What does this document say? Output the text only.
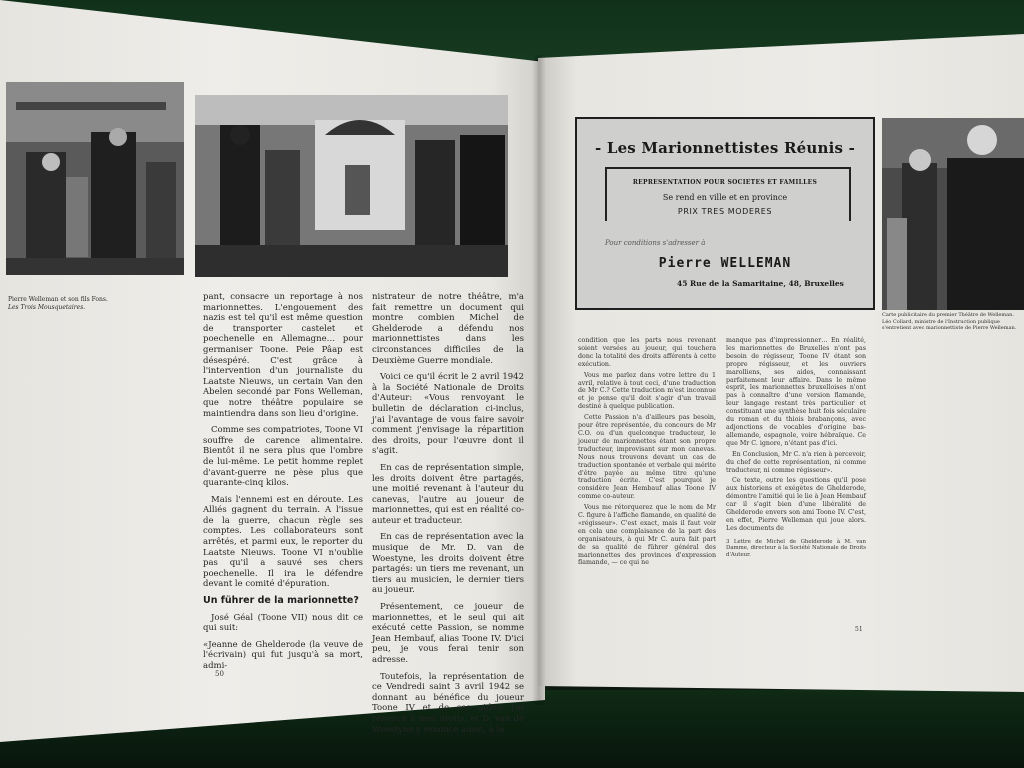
Pierre Welleman et son fils Fons.
Les Trois Mousquetaires.

pant, consacre un reportage à nos marionnettes. L'engouement des nazis est tel qu'il est même question de transporter castelet et poechenelle en Allemagne… pour germaniser Toone. Peie Pâap est désespéré. C'est grâce à l'intervention d'un journaliste du Laatste Nieuws, un certain Van den Abelen secondé par Fons Welleman, que notre théâtre populaire se maintiendra dans son lieu d'origine.

Comme ses compatriotes, Toone VI souffre de carence alimentaire. Bientôt il ne sera plus que l'ombre de lui-même. Le petit homme replet d'avant-guerre ne pèse plus que quarante-cinq kilos.

Mais l'ennemi est en déroute. Les Alliés gagnent du terrain. A l'issue de la guerre, chacun règle ses comptes. Les collaborateurs sont arrêtés, et parmi eux, le reporter du Laatste Nieuws. Toone VI n'oublie pas qu'il a sauvé ses chers poechenelle. Il ira le défendre devant le comité d'épuration.

Un führer de la marionnette?

José Géal (Toone VII) nous dit ce qui suit:

«Jeanne de Ghelderode (la veuve de l'écrivain) qui fut jusqu'à sa mort, admi-

nistrateur de notre théâtre, m'a fait remettre un document qui montre combien Michel de Ghelderode a défendu nos marionnettistes dans les circonstances difficiles de la Deuxième Guerre mondiale.

Voici ce qu'il écrit le 2 avril 1942 à la Société Nationale de Droits d'Auteur: «Vous renvoyant le bulletin de déclaration ci-inclus, j'ai l'avantage de vous faire savoir comment j'envisage la répartition des droits, pour l'œuvre dont il s'agit.

En cas de représentation simple, les droits doivent être partagés, une moitié revenant à l'auteur du canevas, l'autre au joueur de marionnettes, qui est en réalité co-auteur et traducteur.

En cas de représentation avec la musique de Mr. D. van de Woestyne, les droits doivent être partagés: un tiers me revenant, un tiers au musicien, le dernier tiers au joueur.

Présentement, ce joueur de marionnettes, et le seul qui ait exécuté cette Passion, se nomme Jean Hembauf, alias Toone IV. D'ici peu, je vous ferai tenir son adresse.

Toutefois, la représentation de ce Vendredi saint 3 avril 1942 se donnant au bénéfice du joueur Toone IV et de ses aides, j'ai renoncé à mes droits, et D. van de Woestyne y renonce aussi, à la

50
- Les Marionnettistes Réunis -
REPRESENTATION POUR SOCIETES ET FAMILLES
Se rend en ville et en province
PRIX TRES MODERES
Pour conditions s'adresser à
Pierre WELLEMAN
45 Rue de la Samaritaine, 48, Bruxelles
Carte publicitaire du premier Théâtre de Welleman. Léo Collard, ministre de l'Instruction publique s'entretient avec marionnettiste de Pierre Welleman.

condition que les parts nous revenant soient versées au joueur, qui touchera donc la totalité des droits afférents à cette exécution.

Vous me parlez dans votre lettre du 1 avril, relative à tout ceci, d'une traduction de Mr C.? Cette traduction m'est inconnue et je pense qu'il doit s'agir d'un travail destiné à quelque publication.

Cette Passion n'a d'ailleurs pas besoin, pour être représentée, du concours de Mr C.O. ou d'un quelconque traducteur, le joueur de marionnettes étant son propre traducteur, improvisant sur mon canevas. Nous nous trouvons devant un cas de traduction spontanée et verbale qui mérite d'être payée au même titre qu'une traduction écrite. C'est pourquoi je considère Jean Hembauf alias Toone IV comme co-auteur.

Vous me rétorquerez que le nom de Mr C. figure à l'affiche flamande, en qualité de «régisseur». C'est exact, mais il faut voir en cela une complaisance de la part des organisateurs, à qui Mr C. aura fait part de sa qualité de führer général des marionnettes des provinces d'expression flamande, — ce qui ne

manque pas d'impressionner… En réalité, les marionnettes de Bruxelles n'ont pas besoin de régisseur, Toone IV étant son propre régisseur, et les ouvriers marolliens, ses aides, connaissant parfaitement leur affaire. Dans le même esprit, les marionnettes bruxelloises n'ont pas à connaître d'une version flamande, leur langage restant très particulier et constituant une synthèse huit fois séculaire du roman et du thiois brabançons, avec adjonctions de vocables d'origine bas-allemande, espagnole, voire hébraïque. Ce que Mr C. ignore, n'étant pas d'ici.

En Conclusion, Mr C. n'a rien à percevoir, du chef de cette représentation, ni comme traducteur, ni comme régisseur».

Ce texte, outre les questions qu'il pose aux historiens et exégètes de Ghelderode, démontre l'amitié qui le lie à Jean Hembauf car il s'agit bien d'une libéralité de Ghelderode envers son ami Toone IV. C'est, en effet, Pierre Welleman qui joue alors. Les documents de

3 Lettre de Michel de Ghelderode à M. van Damme, directeur à la Société Nationale de Droits d'Auteur.

51
